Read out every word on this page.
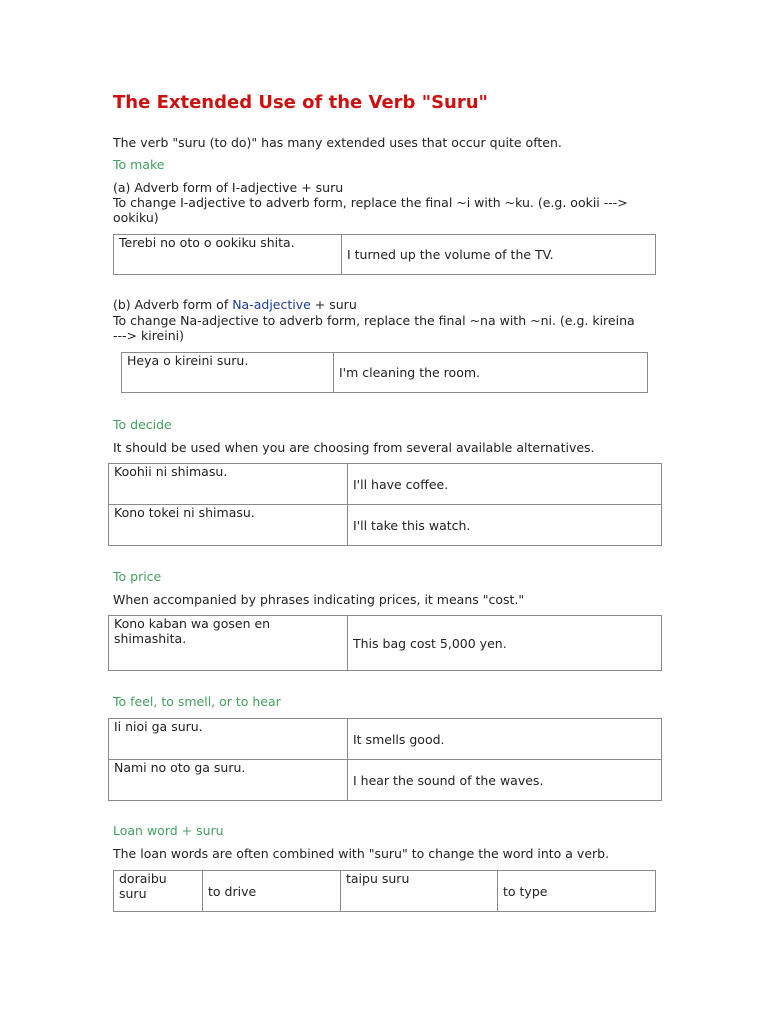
The Extended Use of the Verb "Suru"
The verb "suru (to do)" has many extended uses that occur quite often.
To make
(a) Adverb form of I-adjective + suru
To change I-adjective to adverb form, replace the final ~i with ~ku. (e.g. ookii ---> ookiku)
Terebi no oto o ookiku shita.	I turned up the volume of the TV.
(b) Adverb form of Na-adjective + suru
To change Na-adjective to adverb form, replace the final ~na with ~ni. (e.g. kireina ---> kireini)
Heya o kireini suru.	I'm cleaning the room.
To decide
It should be used when you are choosing from several available alternatives.
Koohii ni shimasu.	I'll have coffee.
Kono tokei ni shimasu.	I'll take this watch.
To price
When accompanied by phrases indicating prices, it means "cost."
Kono kaban wa gosen en shimashita.	This bag cost 5,000 yen.
To feel, to smell, or to hear
Ii nioi ga suru.	It smells good.
Nami no oto ga suru.	I hear the sound of the waves.
Loan word + suru
The loan words are often combined with "suru" to change the word into a verb.
doraibu suru	to drive	taipu suru	to type
